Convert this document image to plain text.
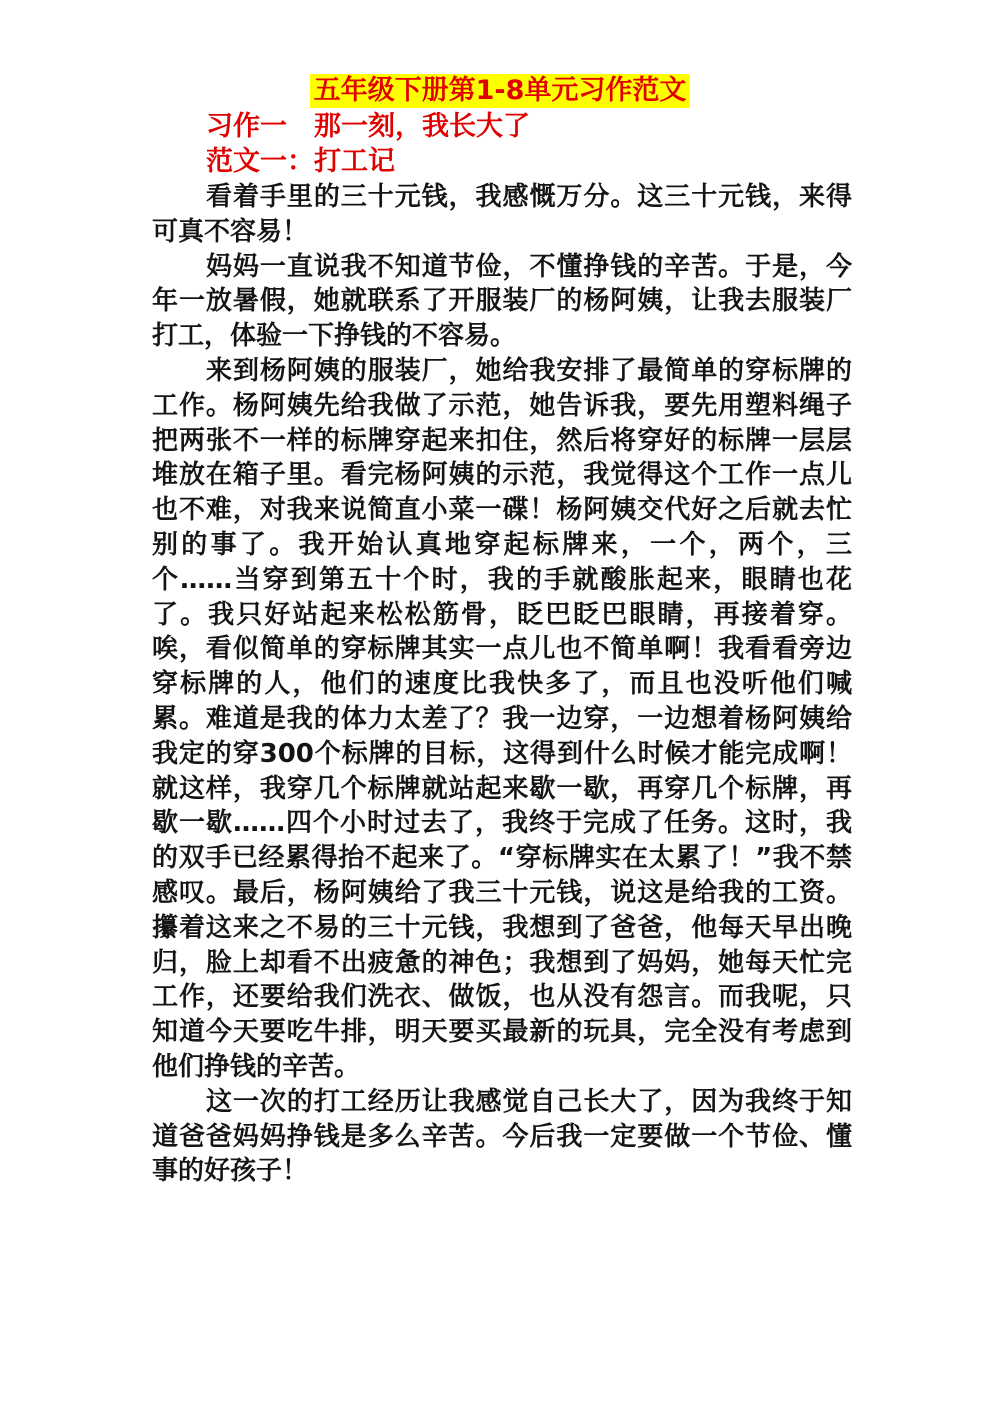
五年级下册第1-8单元习作范文
习作一　那一刻，我长大了
范文一：打工记

看着手里的三十元钱，我感慨万分。这三十元钱，来得可真不容易！

妈妈一直说我不知道节俭，不懂挣钱的辛苦。于是，今年一放暑假，她就联系了开服装厂的杨阿姨，让我去服装厂打工，体验一下挣钱的不容易。

来到杨阿姨的服装厂，她给我安排了最简单的穿标牌的工作。杨阿姨先给我做了示范，她告诉我，要先用塑料绳子把两张不一样的标牌穿起来扣住，然后将穿好的标牌一层层堆放在箱子里。看完杨阿姨的示范，我觉得这个工作一点儿也不难，对我来说简直小菜一碟！杨阿姨交代好之后就去忙别的事了。我开始认真地穿起标牌来，一个，两个，三个……当穿到第五十个时，我的手就酸胀起来，眼睛也花了。我只好站起来松松筋骨，眨巴眨巴眼睛，再接着穿。唉，看似简单的穿标牌其实一点儿也不简单啊！我看看旁边穿标牌的人，他们的速度比我快多了，而且也没听他们喊累。难道是我的体力太差了？我一边穿，一边想着杨阿姨给我定的穿300个标牌的目标，这得到什么时候才能完成啊！就这样，我穿几个标牌就站起来歇一歇，再穿几个标牌，再歇一歇……四个小时过去了，我终于完成了任务。这时，我的双手已经累得抬不起来了。“穿标牌实在太累了！”我不禁感叹。最后，杨阿姨给了我三十元钱，说这是给我的工资。攥着这来之不易的三十元钱，我想到了爸爸，他每天早出晚归，脸上却看不出疲惫的神色；我想到了妈妈，她每天忙完工作，还要给我们洗衣、做饭，也从没有怨言。而我呢，只知道今天要吃牛排，明天要买最新的玩具，完全没有考虑到他们挣钱的辛苦。

这一次的打工经历让我感觉自己长大了，因为我终于知道爸爸妈妈挣钱是多么辛苦。今后我一定要做一个节俭、懂事的好孩子！
